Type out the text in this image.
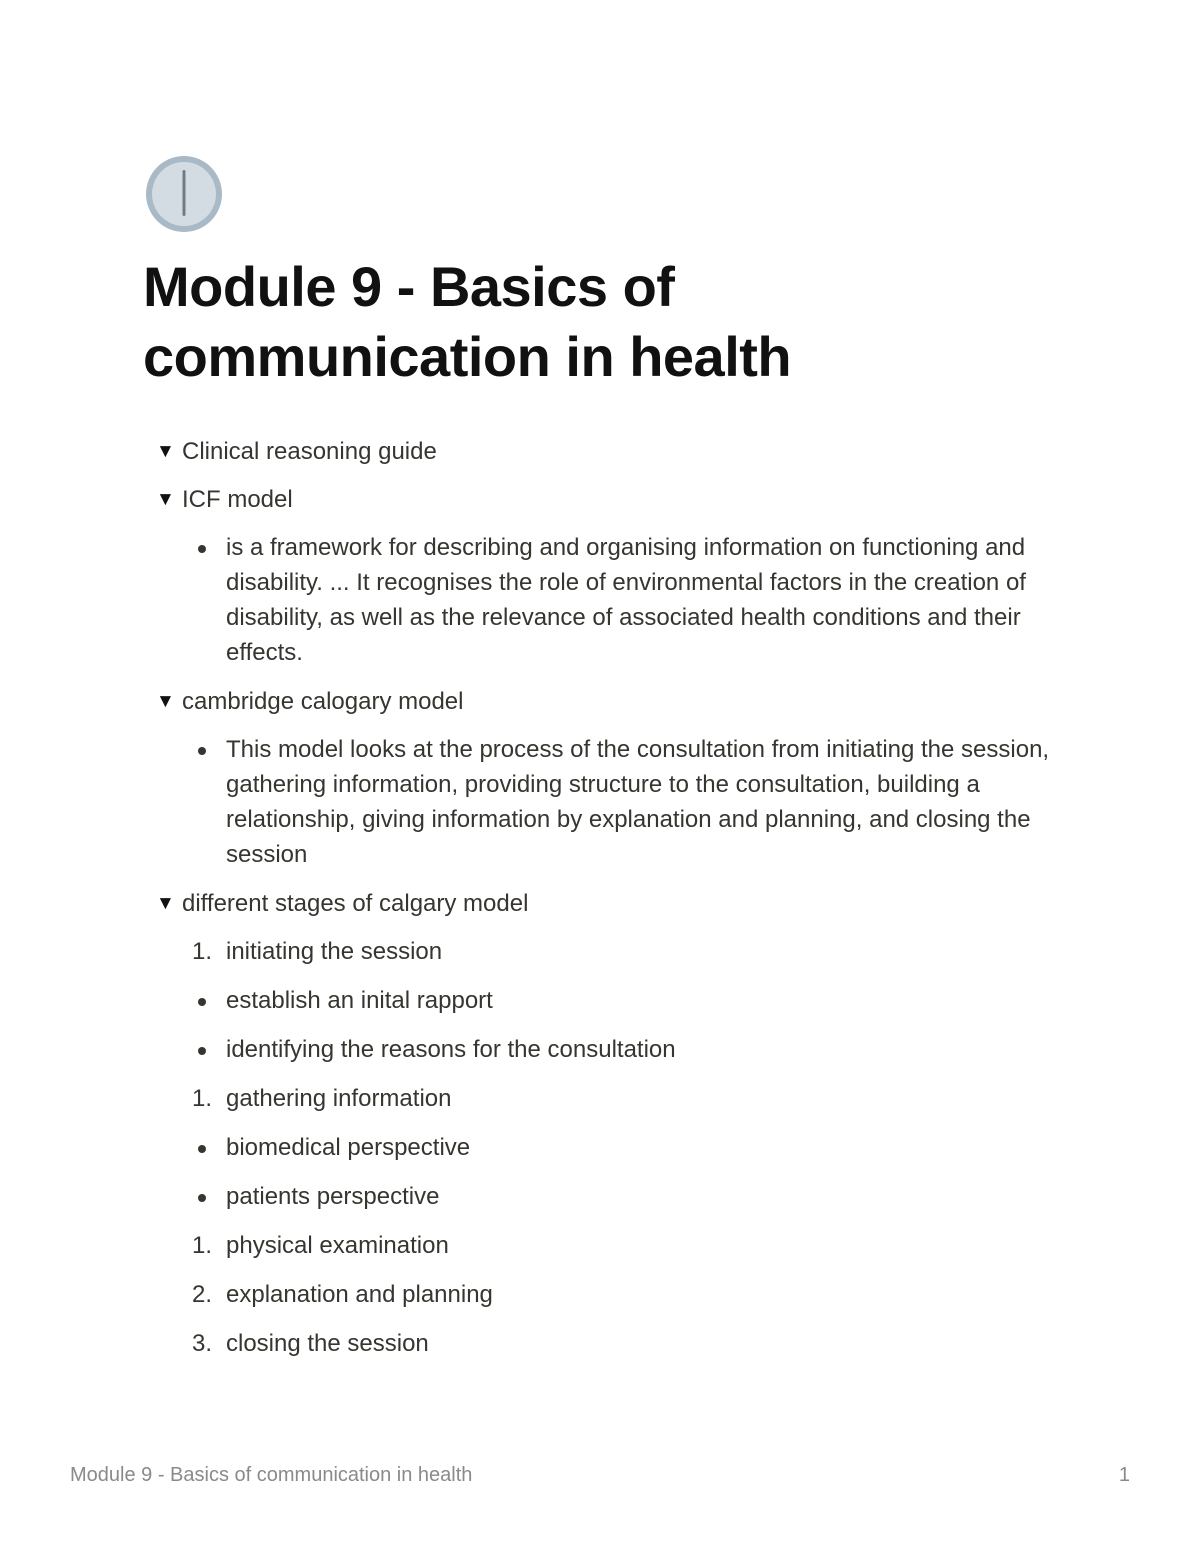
Module 9 - Basics of communication in health
▼ Clinical reasoning guide
▼ ICF model
is a framework for describing and organising information on functioning and disability. ... It recognises the role of environmental factors in the creation of disability, as well as the relevance of associated health conditions and their effects.
▼ cambridge calogary model
This model looks at the process of the consultation from initiating the session, gathering information, providing structure to the consultation, building a relationship, giving information by explanation and planning, and closing the session
▼ different stages of calgary model
1. initiating the session
establish an inital rapport
identifying the reasons for the consultation
1. gathering information
biomedical perspective
patients perspective
1. physical examination
2. explanation and planning
3. closing the session
Module 9 - Basics of communication in health	1
